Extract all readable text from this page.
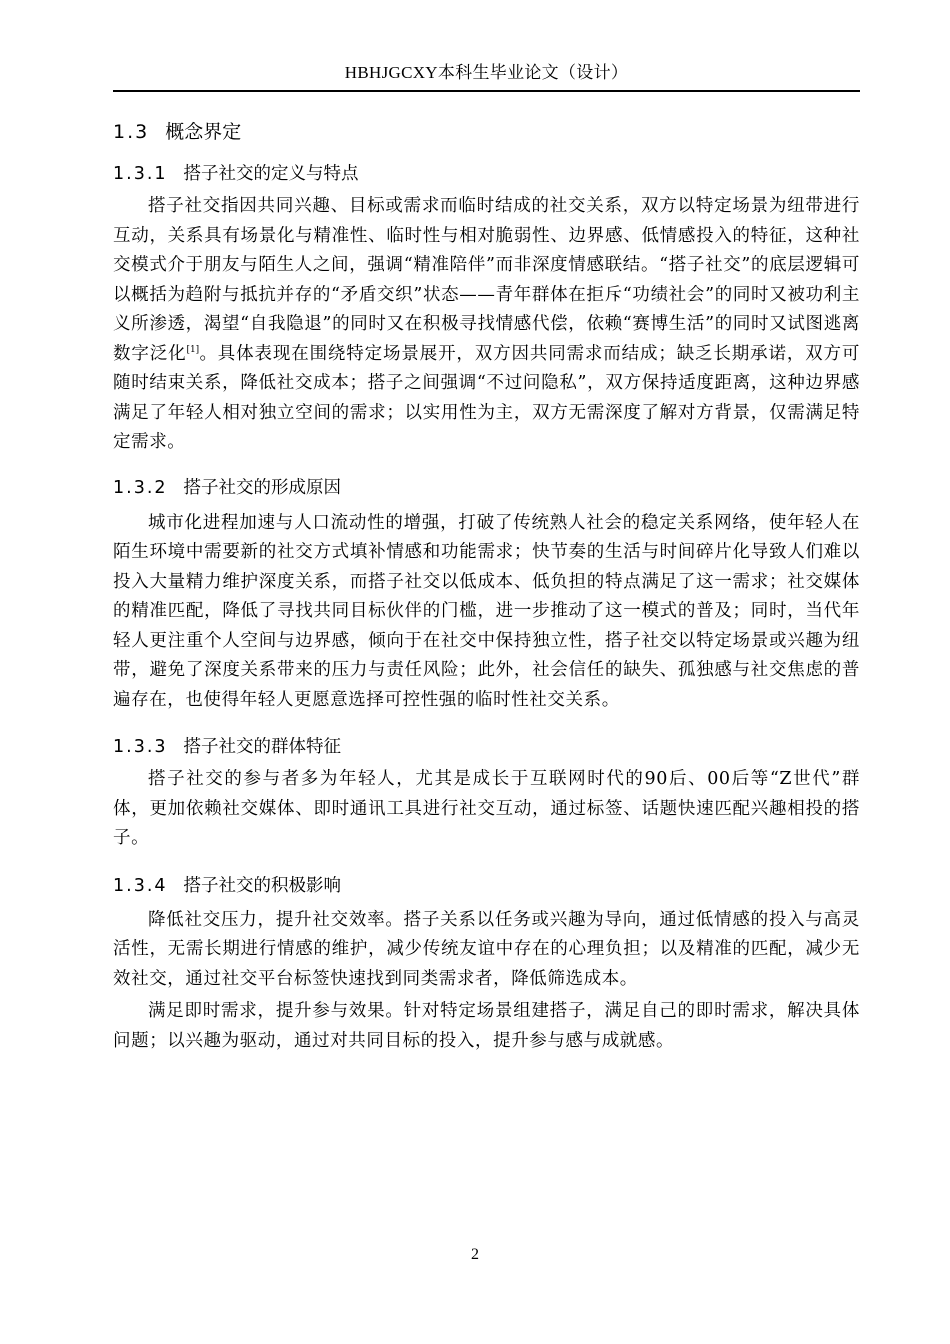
HBHJGCXY本科生毕业论文（设计）
1.3 概念界定
1.3.1 搭子社交的定义与特点

搭子社交指因共同兴趣、目标或需求而临时结成的社交关系，双方以特定场景为纽带进行互动，关系具有场景化与精准性、临时性与相对脆弱性、边界感、低情感投入的特征，这种社交模式介于朋友与陌生人之间，强调“精准陪伴”而非深度情感联结。“搭子社交”的底层逻辑可以概括为趋附与抵抗并存的“矛盾交织”状态——青年群体在拒斥“功绩社会”的同时又被功利主义所渗透，渴望“自我隐退”的同时又在积极寻找情感代偿，依赖“赛博生活”的同时又试图逃离数字泛化[1]。具体表现在围绕特定场景展开，双方因共同需求而结成；缺乏长期承诺，双方可随时结束关系，降低社交成本；搭子之间强调“不过问隐私”，双方保持适度距离，这种边界感满足了年轻人相对独立空间的需求；以实用性为主，双方无需深度了解对方背景，仅需满足特定需求。

1.3.2 搭子社交的形成原因

城市化进程加速与人口流动性的增强，打破了传统熟人社会的稳定关系网络，使年轻人在陌生环境中需要新的社交方式填补情感和功能需求；快节奏的生活与时间碎片化导致人们难以投入大量精力维护深度关系，而搭子社交以低成本、低负担的特点满足了这一需求；社交媒体的精准匹配，降低了寻找共同目标伙伴的门槛，进一步推动了这一模式的普及；同时，当代年轻人更注重个人空间与边界感，倾向于在社交中保持独立性，搭子社交以特定场景或兴趣为纽带，避免了深度关系带来的压力与责任风险；此外，社会信任的缺失、孤独感与社交焦虑的普遍存在，也使得年轻人更愿意选择可控性强的临时性社交关系。

1.3.3 搭子社交的群体特征

搭子社交的参与者多为年轻人，尤其是成长于互联网时代的90后、00后等“Z世代”群体，更加依赖社交媒体、即时通讯工具进行社交互动，通过标签、话题快速匹配兴趣相投的搭子。

1.3.4 搭子社交的积极影响

降低社交压力，提升社交效率。搭子关系以任务或兴趣为导向，通过低情感的投入与高灵活性，无需长期进行情感的维护，减少传统友谊中存在的心理负担；以及精准的匹配，减少无效社交，通过社交平台标签快速找到同类需求者，降低筛选成本。

满足即时需求，提升参与效果。针对特定场景组建搭子，满足自己的即时需求，解决具体问题；以兴趣为驱动，通过对共同目标的投入，提升参与感与成就感。

2
